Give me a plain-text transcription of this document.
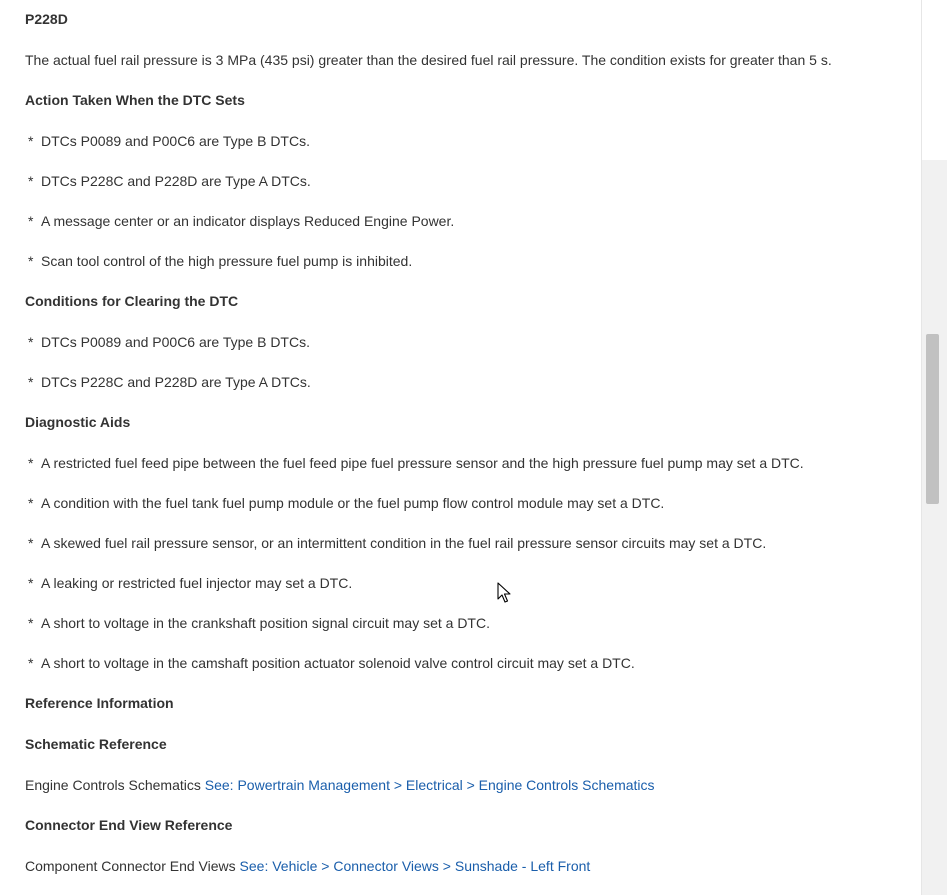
P228D
The actual fuel rail pressure is 3 MPa (435 psi) greater than the desired fuel rail pressure. The condition exists for greater than 5 s.
Action Taken When the DTC Sets
* DTCs P0089 and P00C6 are Type B DTCs.
* DTCs P228C and P228D are Type A DTCs.
* A message center or an indicator displays Reduced Engine Power.
* Scan tool control of the high pressure fuel pump is inhibited.
Conditions for Clearing the DTC
* DTCs P0089 and P00C6 are Type B DTCs.
* DTCs P228C and P228D are Type A DTCs.
Diagnostic Aids
* A restricted fuel feed pipe between the fuel feed pipe fuel pressure sensor and the high pressure fuel pump may set a DTC.
* A condition with the fuel tank fuel pump module or the fuel pump flow control module may set a DTC.
* A skewed fuel rail pressure sensor, or an intermittent condition in the fuel rail pressure sensor circuits may set a DTC.
* A leaking or restricted fuel injector may set a DTC.
* A short to voltage in the crankshaft position signal circuit may set a DTC.
* A short to voltage in the camshaft position actuator solenoid valve control circuit may set a DTC.
Reference Information
Schematic Reference
Engine Controls Schematics See: Powertrain Management > Electrical > Engine Controls Schematics
Connector End View Reference
Component Connector End Views See: Vehicle > Connector Views > Sunshade - Left Front
